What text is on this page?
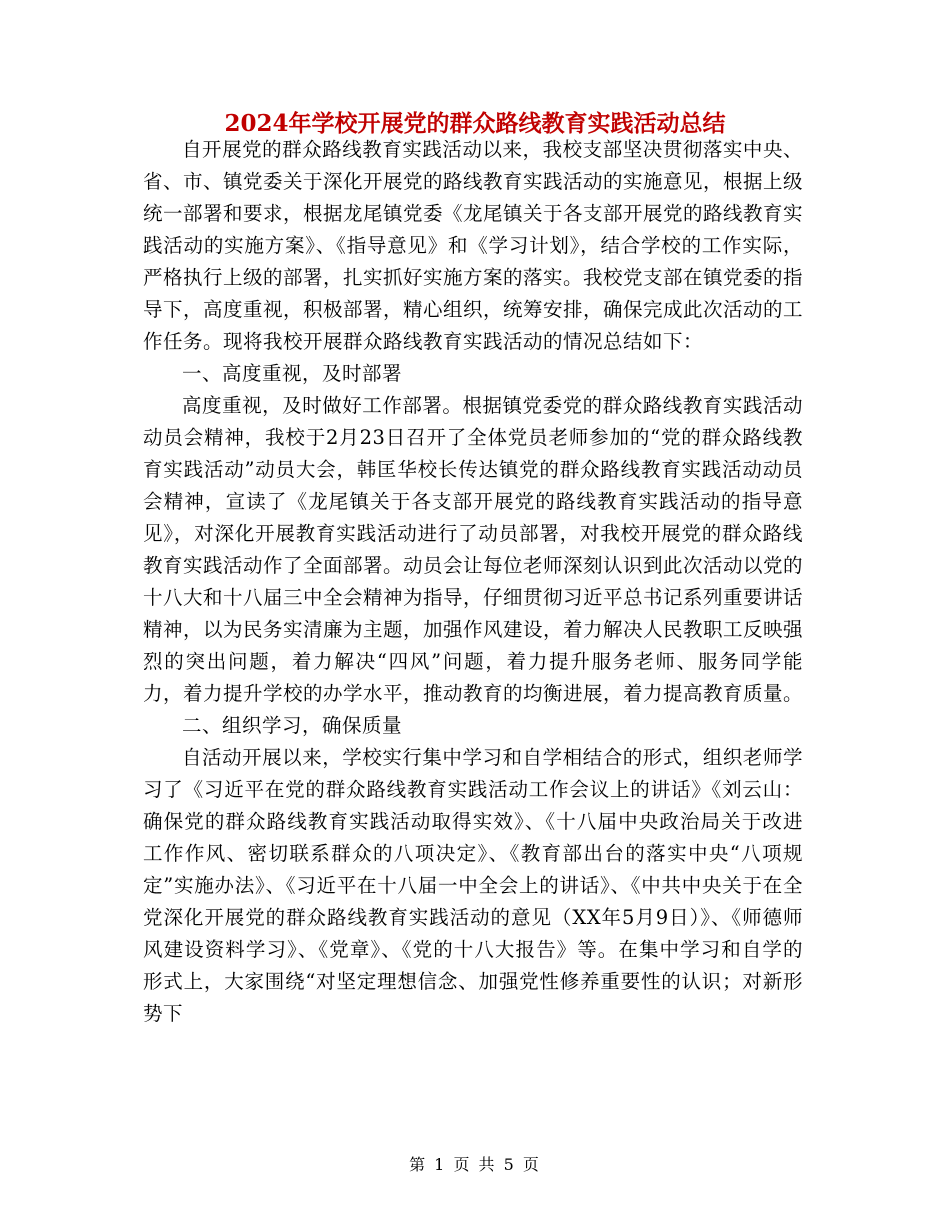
2024年学校开展党的群众路线教育实践活动总结

自开展党的群众路线教育实践活动以来，我校支部坚决贯彻落实中央、省、市、镇党委关于深化开展党的路线教育实践活动的实施意见，根据上级统一部署和要求，根据龙尾镇党委《龙尾镇关于各支部开展党的路线教育实践活动的实施方案》、《指导意见》和《学习计划》，结合学校的工作实际，严格执行上级的部署，扎实抓好实施方案的落实。我校党支部在镇党委的指导下，高度重视，积极部署，精心组织，统筹安排，确保完成此次活动的工作任务。现将我校开展群众路线教育实践活动的情况总结如下：

一、高度重视，及时部署

高度重视，及时做好工作部署。根据镇党委党的群众路线教育实践活动动员会精神，我校于2月23日召开了全体党员老师参加的“党的群众路线教育实践活动”动员大会，韩匡华校长传达镇党的群众路线教育实践活动动员会精神，宣读了《龙尾镇关于各支部开展党的路线教育实践活动的指导意见》，对深化开展教育实践活动进行了动员部署，对我校开展党的群众路线教育实践活动作了全面部署。动员会让每位老师深刻认识到此次活动以党的十八大和十八届三中全会精神为指导，仔细贯彻习近平总书记系列重要讲话精神，以为民务实清廉为主题，加强作风建设，着力解决人民教职工反映强烈的突出问题，着力解决“四风”问题，着力提升服务老师、服务同学能力，着力提升学校的办学水平，推动教育的均衡进展，着力提高教育质量。

二、组织学习，确保质量

自活动开展以来，学校实行集中学习和自学相结合的形式，组织老师学习了《习近平在党的群众路线教育实践活动工作会议上的讲话》《刘云山：确保党的群众路线教育实践活动取得实效》、《十八届中央政治局关于改进工作作风、密切联系群众的八项决定》、《教育部出台的落实中央“八项规定”实施办法》、《习近平在十八届一中全会上的讲话》、《中共中央关于在全党深化开展党的群众路线教育实践活动的意见（XX年5月9日）》、《师德师风建设资料学习》、《党章》、《党的十八大报告》等。在集中学习和自学的形式上，大家围绕“对坚定理想信念、加强党性修养重要性的认识；对新形势下

第 1 页 共 5 页
